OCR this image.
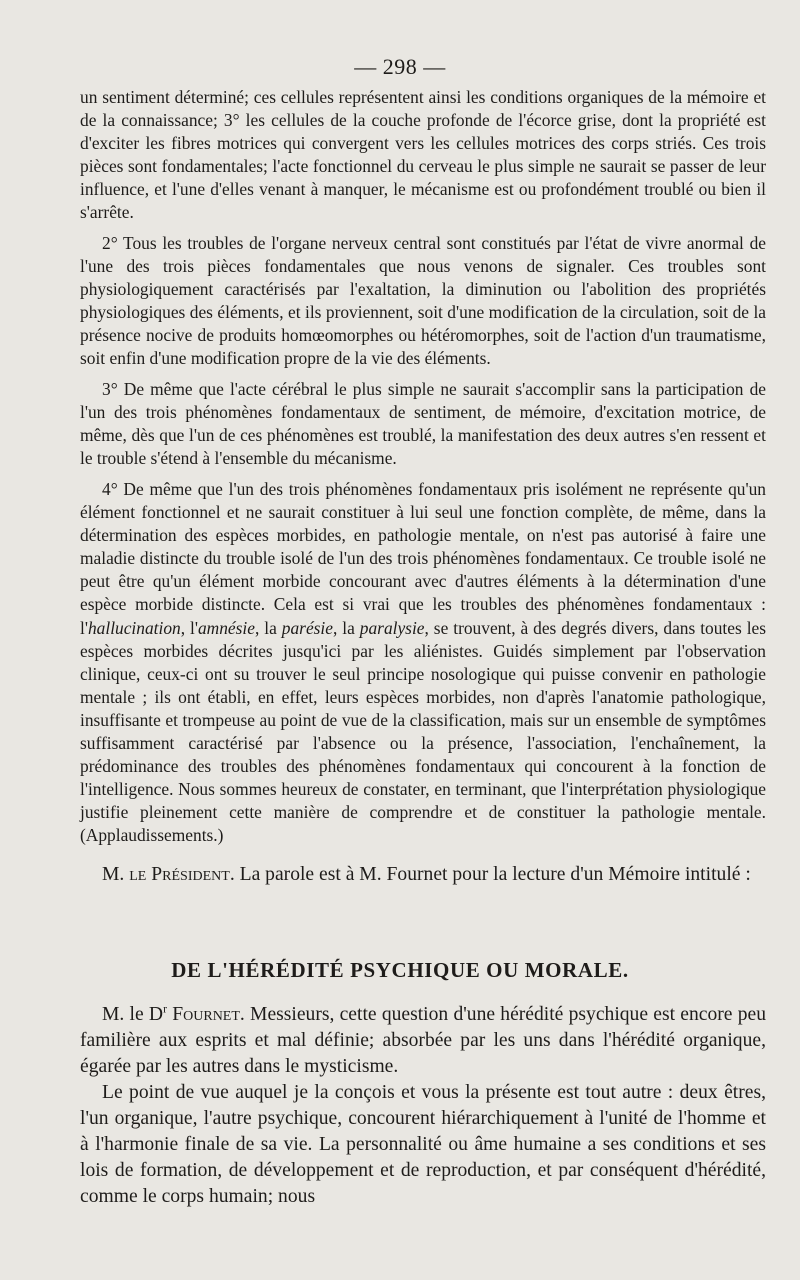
— 298 —

un sentiment déterminé; ces cellules représentent ainsi les conditions organiques de la mémoire et de la connaissance; 3° les cellules de la couche profonde de l'écorce grise, dont la propriété est d'exciter les fibres motrices qui convergent vers les cellules motrices des corps striés. Ces trois pièces sont fondamentales; l'acte fonctionnel du cerveau le plus simple ne saurait se passer de leur influence, et l'une d'elles venant à manquer, le mécanisme est ou profondément troublé ou bien il s'arrête.

2° Tous les troubles de l'organe nerveux central sont constitués par l'état de vivre anormal de l'une des trois pièces fondamentales que nous venons de signaler. Ces troubles sont physiologiquement caractérisés par l'exaltation, la diminution ou l'abolition des propriétés physiologiques des éléments, et ils proviennent, soit d'une modification de la circulation, soit de la présence nocive de produits homœomorphes ou hétéromorphes, soit de l'action d'un traumatisme, soit enfin d'une modification propre de la vie des éléments.

3° De même que l'acte cérébral le plus simple ne saurait s'accomplir sans la participation de l'un des trois phénomènes fondamentaux de sentiment, de mémoire, d'excitation motrice, de même, dès que l'un de ces phénomènes est troublé, la manifestation des deux autres s'en ressent et le trouble s'étend à l'ensemble du mécanisme.

4° De même que l'un des trois phénomènes fondamentaux pris isolément ne représente qu'un élément fonctionnel et ne saurait constituer à lui seul une fonction complète, de même, dans la détermination des espèces morbides, en pathologie mentale, on n'est pas autorisé à faire une maladie distincte du trouble isolé de l'un des trois phénomènes fondamentaux. Ce trouble isolé ne peut être qu'un élément morbide concourant avec d'autres éléments à la détermination d'une espèce morbide distincte. Cela est si vrai que les troubles des phénomènes fondamentaux : l'hallucination, l'amnésie, la parésie, la paralysie, se trouvent, à des degrés divers, dans toutes les espèces morbides décrites jusqu'ici par les aliénistes. Guidés simplement par l'observation clinique, ceux-ci ont su trouver le seul principe nosologique qui puisse convenir en pathologie mentale ; ils ont établi, en effet, leurs espèces morbides, non d'après l'anatomie pathologique, insuffisante et trompeuse au point de vue de la classification, mais sur un ensemble de symptômes suffisamment caractérisé par l'absence ou la présence, l'association, l'enchaînement, la prédominance des troubles des phénomènes fondamentaux qui concourent à la fonction de l'intelligence. Nous sommes heureux de constater, en terminant, que l'interprétation physiologique justifie pleinement cette manière de comprendre et de constituer la pathologie mentale. (Applaudissements.)

M. le Président. La parole est à M. Fournet pour la lecture d'un Mémoire intitulé :

DE L'HÉRÉDITÉ PSYCHIQUE OU MORALE.

M. le $D^r$ Fournet. Messieurs, cette question d'une hérédité psychique est encore peu familière aux esprits et mal définie; absorbée par les uns dans l'hérédité organique, égarée par les autres dans le mysticisme.

Le point de vue auquel je la conçois et vous la présente est tout autre : deux êtres, l'un organique, l'autre psychique, concourent hiérarchiquement à l'unité de l'homme et à l'harmonie finale de sa vie. La personnalité ou âme humaine a ses conditions et ses lois de formation, de développement et de reproduction, et par conséquent d'hérédité, comme le corps humain; nous
